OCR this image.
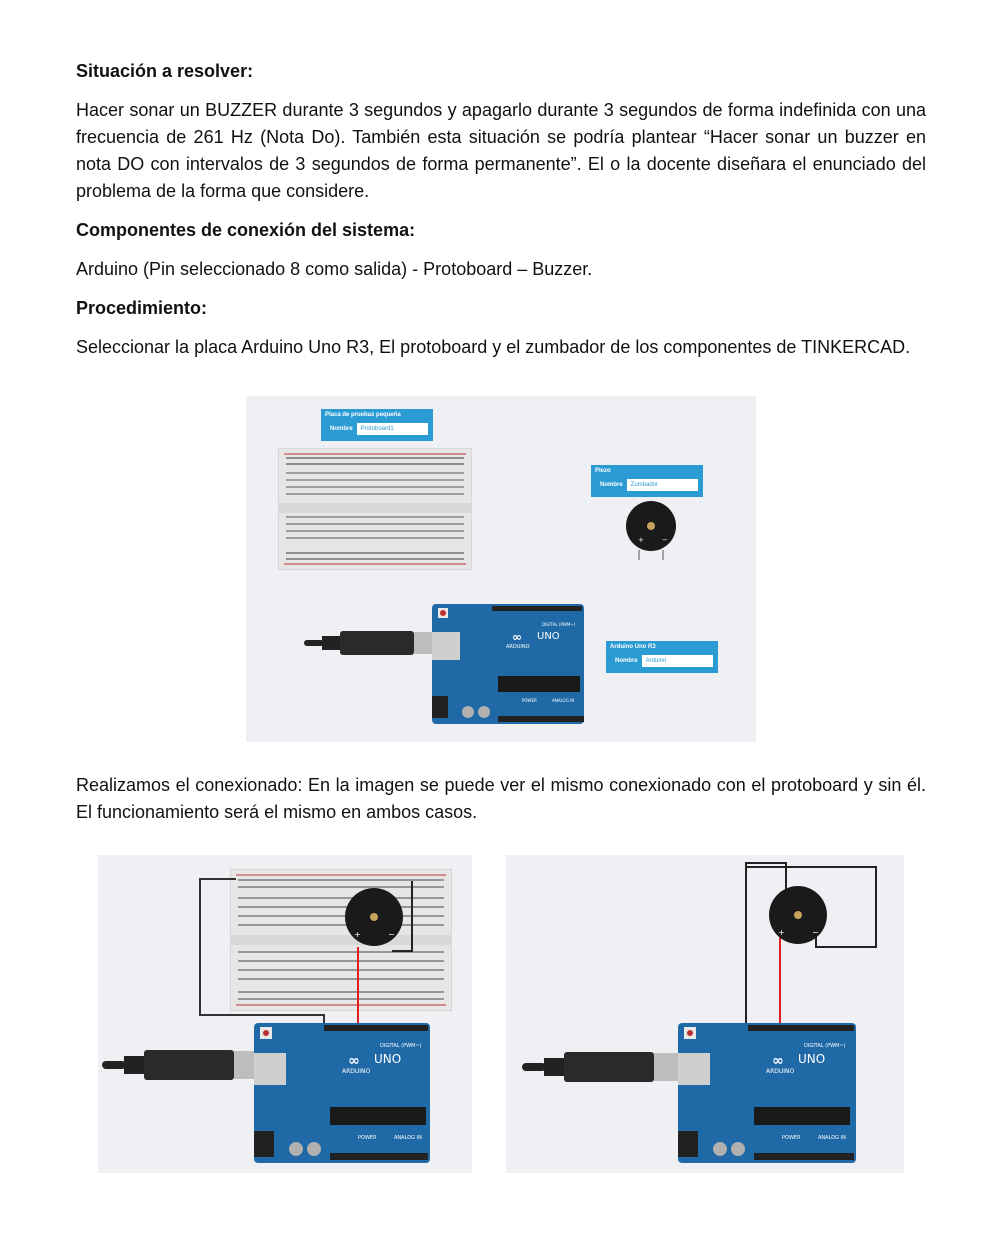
Situación a resolver:

Hacer sonar un BUZZER durante 3 segundos y apagarlo durante 3 segundos de forma indefinida con una frecuencia de 261 Hz (Nota Do). También esta situación se podría plantear “Hacer sonar un buzzer en nota DO con intervalos de 3 segundos de forma permanente”. El o la docente diseñara el enunciado del problema de la forma que considere.

Componentes de conexión del sistema:

Arduino (Pin seleccionado 8 como salida) - Protoboard – Buzzer.

Procedimiento:

Seleccionar la placa Arduino Uno R3, El protoboard y el zumbador de los componentes de TINKERCAD.

Placa de pruebas pequeña
Nombre	Protoboard1
Piezo
Nombre	Zumbador
+	−
∞ UNO
ARDUINO
DIGITAL (PWM~)
POWER	ANALOG IN
Arduino Uno R3
Nombre	Arduino

Realizamos el conexionado: En la imagen se puede ver el mismo conexionado con el protoboard y sin él. El funcionamiento será el mismo en ambos casos.

+	−
∞ UNO
ARDUINO
DIGITAL (PWM~)
POWER	ANALOG IN
+	−
∞ UNO
ARDUINO
DIGITAL (PWM~)
POWER	ANALOG IN
